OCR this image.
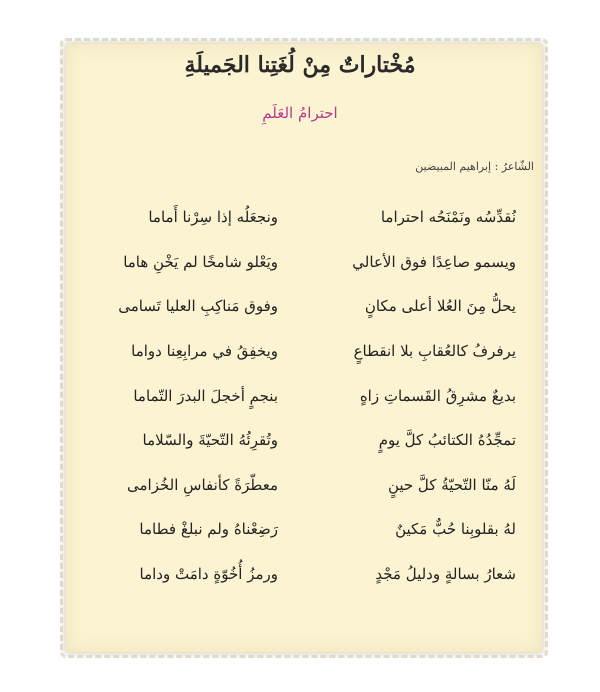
مُخْتاراتٌ مِنْ لُغَتِنا الجَميلَةِ
احترامُ العَلَمِ
الشّاعرُ : إبراهيم المبيضين
نُقدِّسُه ونَمْنَحُه احتراما
ونجعَلُه إذا سِرْنا أَماما
ويسمو صاعِدًا فوق الأعالي
ويَعْلو شامخًا لم يَخْنِ هاما
يحلُّ مِنَ العُلا أعلى مكانٍ
وفوق مَناكِبِ العليا تَسامى
يرفرفُ كالعُقابِ بلا انقطاعٍ
ويخفِقُ في مرابِعِنا دواما
بديعٌ مشرِقُ القَسماتِ زاهٍ
بنجمٍ أخجلَ البدرَ التّماما
تمجِّدُهُ الكتائبُ كلَّ يومٍ
وتُقرِئُهُ التّحيّةَ والسّلاما
لَهُ منّا التّحيّةُ كلَّ حينٍ
معطّرَةً كأنفاسِ الخُزامى
لهُ بقلوبِنا حُبٌّ مَكينٌ
رَضِعْناهُ ولم نبلغْ فطاما
شعارُ بسالةٍ ودليلُ مَجْدٍ
ورمزُ أُخُوّةٍ دامَتْ وداما
